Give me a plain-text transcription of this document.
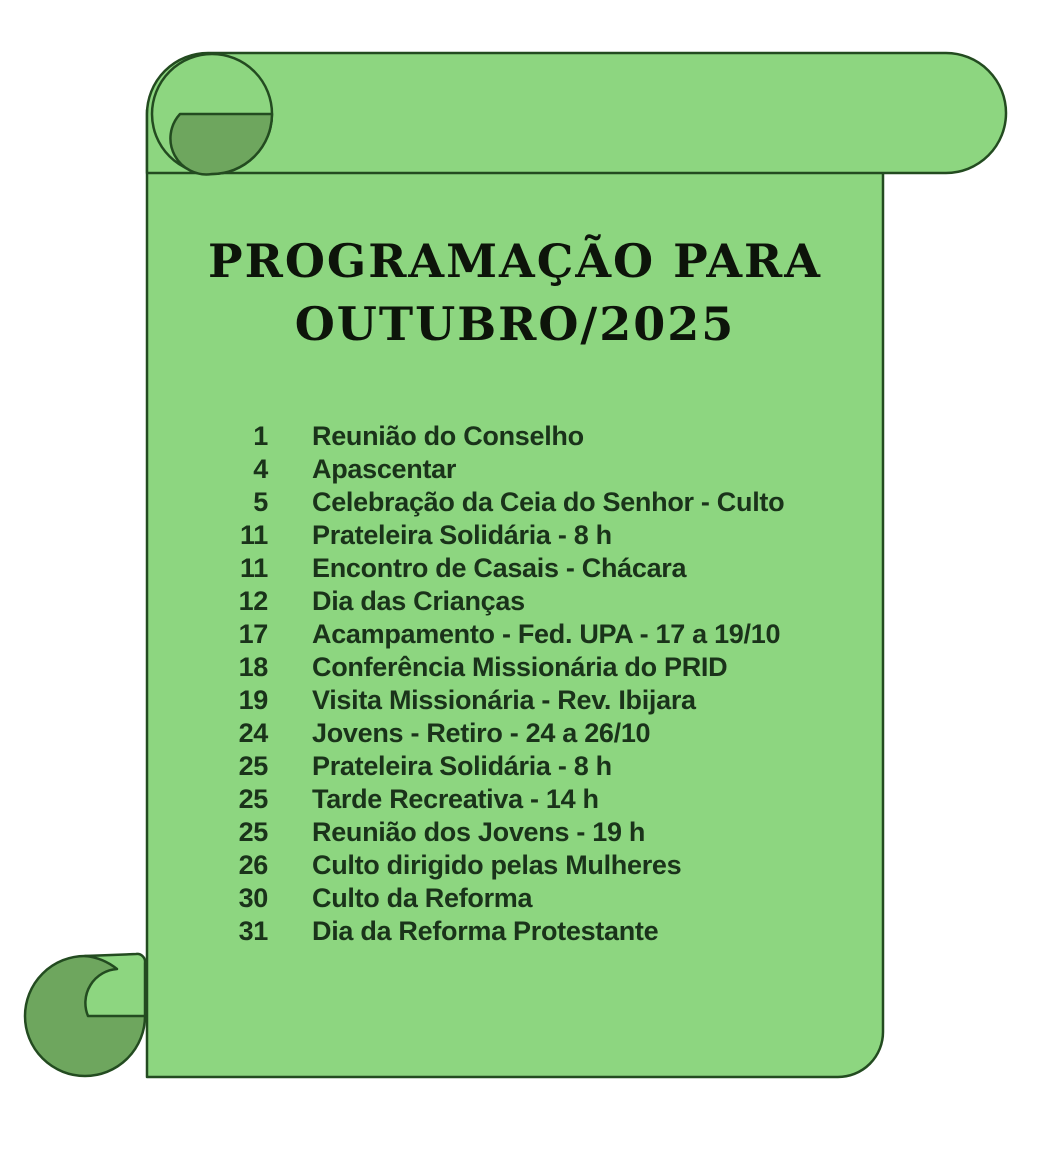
PROGRAMAÇÃO PARA
OUTUBRO/2025
1 Reunião do Conselho
4 Apascentar
5 Celebração da Ceia do Senhor - Culto
11 Prateleira Solidária - 8 h
11 Encontro de Casais - Chácara
12 Dia das Crianças
17 Acampamento - Fed. UPA - 17 a 19/10
18 Conferência Missionária do PRID
19 Visita Missionária - Rev. Ibijara
24 Jovens - Retiro - 24 a 26/10
25 Prateleira Solidária - 8 h
25 Tarde Recreativa - 14 h
25 Reunião dos Jovens - 19 h
26 Culto dirigido pelas Mulheres
30 Culto da Reforma
31 Dia da Reforma Protestante
